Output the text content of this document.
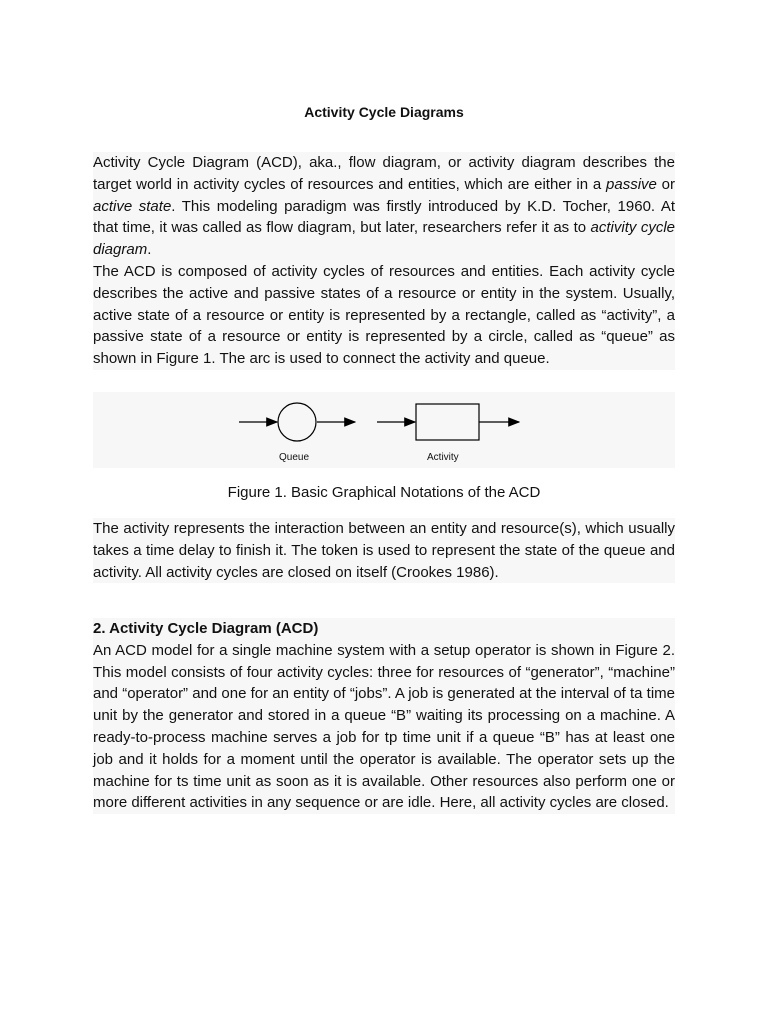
Activity Cycle Diagrams

Activity Cycle Diagram (ACD), aka., flow diagram, or activity diagram describes the target world in activity cycles of resources and entities, which are either in a passive or active state. This modeling paradigm was firstly introduced by K.D. Tocher, 1960. At that time, it was called as flow diagram, but later, researchers refer it as to activity cycle diagram.

The ACD is composed of activity cycles of resources and entities. Each activity cycle describes the active and passive states of a resource or entity in the system. Usually, active state of a resource or entity is represented by a rectangle, called as “activity”, a passive state of a resource or entity is represented by a circle, called as “queue” as shown in Figure 1. The arc is used to connect the activity and queue.

Queue	Activity
Figure 1. Basic Graphical Notations of the ACD

The activity represents the interaction between an entity and resource(s), which usually takes a time delay to finish it. The token is used to represent the state of the queue and activity. All activity cycles are closed on itself (Crookes 1986).

2. Activity Cycle Diagram (ACD)

An ACD model for a single machine system with a setup operator is shown in Figure 2. This model consists of four activity cycles: three for resources of “generator”, “machine” and “operator” and one for an entity of “jobs”. A job is generated at the interval of ta time unit by the generator and stored in a queue “B” waiting its processing on a machine. A ready-to-process machine serves a job for tp time unit if a queue “B” has at least one job and it holds for a moment until the operator is available. The operator sets up the machine for ts time unit as soon as it is available. Other resources also perform one or more different activities in any sequence or are idle. Here, all activity cycles are closed.
